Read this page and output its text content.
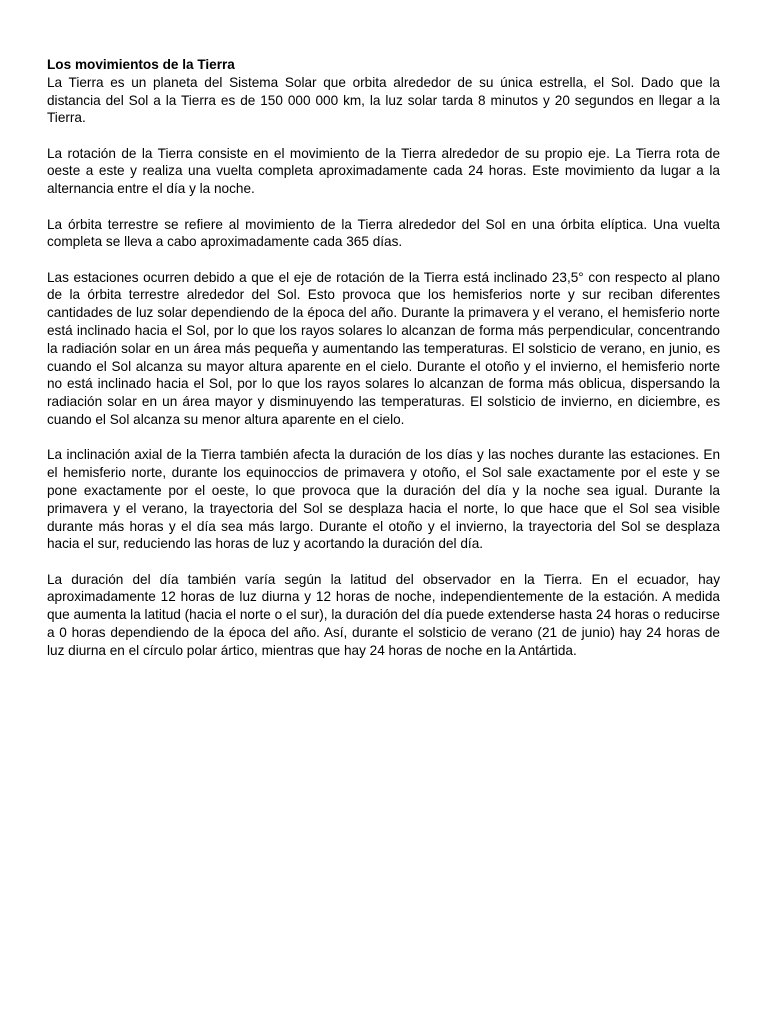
Los movimientos de la Tierra

La Tierra es un planeta del Sistema Solar que orbita alrededor de su única estrella, el Sol. Dado que la distancia del Sol a la Tierra es de 150 000 000 km, la luz solar tarda 8 minutos y 20 segundos en llegar a la Tierra.

La rotación de la Tierra consiste en el movimiento de la Tierra alrededor de su propio eje. La Tierra rota de oeste a este y realiza una vuelta completa aproximadamente cada 24 horas. Este movimiento da lugar a la alternancia entre el día y la noche.

La órbita terrestre se refiere al movimiento de la Tierra alrededor del Sol en una órbita elíptica. Una vuelta completa se lleva a cabo aproximadamente cada 365 días.

Las estaciones ocurren debido a que el eje de rotación de la Tierra está inclinado 23,5° con respecto al plano de la órbita terrestre alrededor del Sol. Esto provoca que los hemisferios norte y sur reciban diferentes cantidades de luz solar dependiendo de la época del año. Durante la primavera y el verano, el hemisferio norte está inclinado hacia el Sol, por lo que los rayos solares lo alcanzan de forma más perpendicular, concentrando la radiación solar en un área más pequeña y aumentando las temperaturas. El solsticio de verano, en junio, es cuando el Sol alcanza su mayor altura aparente en el cielo. Durante el otoño y el invierno, el hemisferio norte no está inclinado hacia el Sol, por lo que los rayos solares lo alcanzan de forma más oblicua, dispersando la radiación solar en un área mayor y disminuyendo las temperaturas. El solsticio de invierno, en diciembre, es cuando el Sol alcanza su menor altura aparente en el cielo.

La inclinación axial de la Tierra también afecta la duración de los días y las noches durante las estaciones. En el hemisferio norte, durante los equinoccios de primavera y otoño, el Sol sale exactamente por el este y se pone exactamente por el oeste, lo que provoca que la duración del día y la noche sea igual. Durante la primavera y el verano, la trayectoria del Sol se desplaza hacia el norte, lo que hace que el Sol sea visible durante más horas y el día sea más largo. Durante el otoño y el invierno, la trayectoria del Sol se desplaza hacia el sur, reduciendo las horas de luz y acortando la duración del día.

La duración del día también varía según la latitud del observador en la Tierra. En el ecuador, hay aproximadamente 12 horas de luz diurna y 12 horas de noche, independientemente de la estación. A medida que aumenta la latitud (hacia el norte o el sur), la duración del día puede extenderse hasta 24 horas o reducirse a 0 horas dependiendo de la época del año. Así, durante el solsticio de verano (21 de junio) hay 24 horas de luz diurna en el círculo polar ártico, mientras que hay 24 horas de noche en la Antártida.
